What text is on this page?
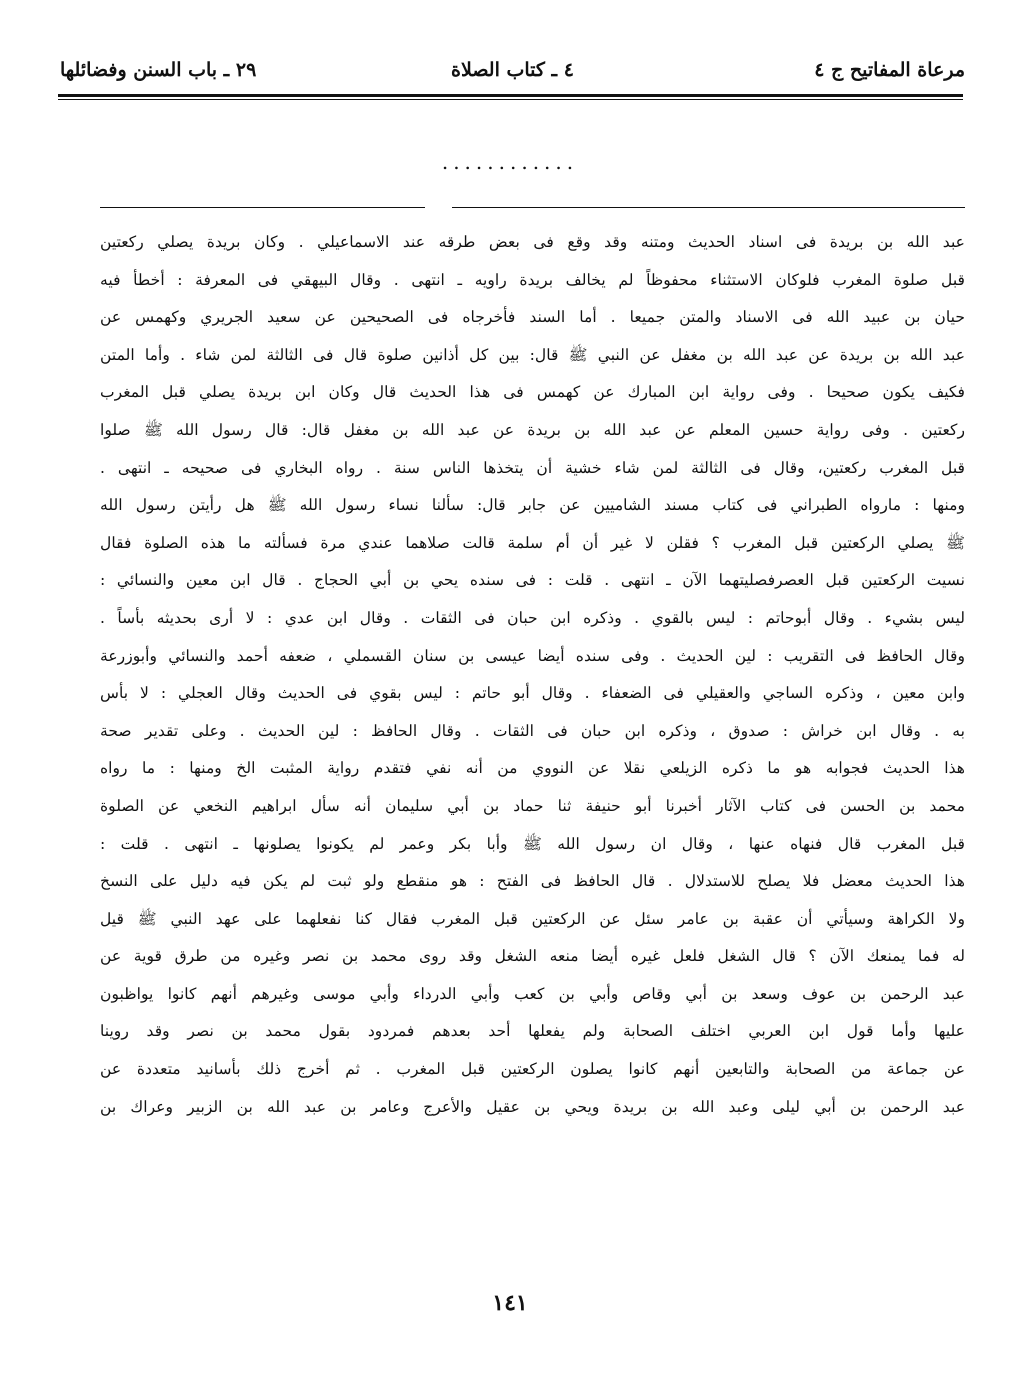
مرعاة المفاتيح ج ٤
٤ ـ كتاب الصلاة
٢٩ ـ باب السنن وفضائلها
............
عبد الله بن بريدة فى اسناد الحديث ومتنه وقد وقع فى بعض طرقه عند الاسماعيلي . وكان بريدة يصلي ركعتين
قبل صلوة المغرب فلوكان الاستثناء محفوظاً لم يخالف بريدة راويه ـ انتهى . وقال البيهقي فى المعرفة : أخطأ فيه
حيان بن عبيد الله فى الاسناد والمتن جميعا . أما السند فأخرجاه فى الصحيحين عن سعيد الجريري وكهمس عن
عبد الله بن بريدة عن عبد الله بن مغفل عن النبي ﷺ قال: بين كل أذانين صلوة قال فى الثالثة لمن شاء . وأما المتن
فكيف يكون صحيحا . وفى رواية ابن المبارك عن كهمس فى هذا الحديث قال وكان ابن بريدة يصلي قبل المغرب
ركعتين . وفى رواية حسين المعلم عن عبد الله بن بريدة عن عبد الله بن مغفل قال: قال رسول الله ﷺ صلوا
قبل المغرب ركعتين، وقال فى الثالثة لمن شاء خشية أن يتخذها الناس سنة . رواه البخاري فى صحيحه ـ انتهى .
ومنها : مارواه الطبراني فى كتاب مسند الشاميين عن جابر قال: سألنا نساء رسول الله ﷺ هل رأيتن رسول الله
ﷺ يصلي الركعتين قبل المغرب ؟ فقلن لا غير أن أم سلمة قالت صلاهما عندي مرة فسألته ما هذه الصلوة فقال
نسيت الركعتين قبل العصرفصليتهما الآن ـ انتهى . قلت : فى سنده يحي بن أبي الحجاج . قال ابن معين والنسائي :
ليس بشيء . وقال أبوحاتم : ليس بالقوي . وذكره ابن حبان فى الثقات . وقال ابن عدي : لا أرى بحديثه بأساً .
وقال الحافظ فى التقريب : لين الحديث . وفى سنده أيضا عيسى بن سنان القسملي ، ضعفه أحمد والنسائي وأبوزرعة
وابن معين ، وذكره الساجي والعقيلي فى الضعفاء . وقال أبو حاتم : ليس بقوي فى الحديث وقال العجلي : لا بأس
به . وقال ابن خراش : صدوق ، وذكره ابن حبان فى الثقات . وقال الحافظ : لين الحديث . وعلى تقدير صحة
هذا الحديث فجوابه هو ما ذكره الزيلعي نقلا عن النووي من أنه نفي فتقدم رواية المثبت الخ ومنها : ما رواه
محمد بن الحسن فى كتاب الآثار أخبرنا أبو حنيفة ثنا حماد بن أبي سليمان أنه سأل ابراهيم النخعي عن الصلوة
قبل المغرب قال فنهاه عنها ، وقال ان رسول الله ﷺ وأبا بكر وعمر لم يكونوا يصلونها ـ انتهى . قلت :
هذا الحديث معضل فلا يصلح للاستدلال . قال الحافظ فى الفتح : هو منقطع ولو ثبت لم يكن فيه دليل على النسخ
ولا الكراهة وسيأتي أن عقبة بن عامر سئل عن الركعتين قبل المغرب فقال كنا نفعلهما على عهد النبي ﷺ قيل
له فما يمنعك الآن ؟ قال الشغل فلعل غيره أيضا منعه الشغل وقد روى محمد بن نصر وغيره من طرق قوية عن
عبد الرحمن بن عوف وسعد بن أبي وقاص وأبي بن كعب وأبي الدرداء وأبي موسى وغيرهم أنهم كانوا يواظبون
عليها وأما قول ابن العربي اختلف الصحابة ولم يفعلها أحد بعدهم فمردود بقول محمد بن نصر وقد روينا
عن جماعة من الصحابة والتابعين أنهم كانوا يصلون الركعتين قبل المغرب . ثم أخرج ذلك بأسانيد متعددة عن
عبد الرحمن بن أبي ليلى وعبد الله بن بريدة ويحي بن عقيل والأعرج وعامر بن عبد الله بن الزبير وعراك بن
١٤١
